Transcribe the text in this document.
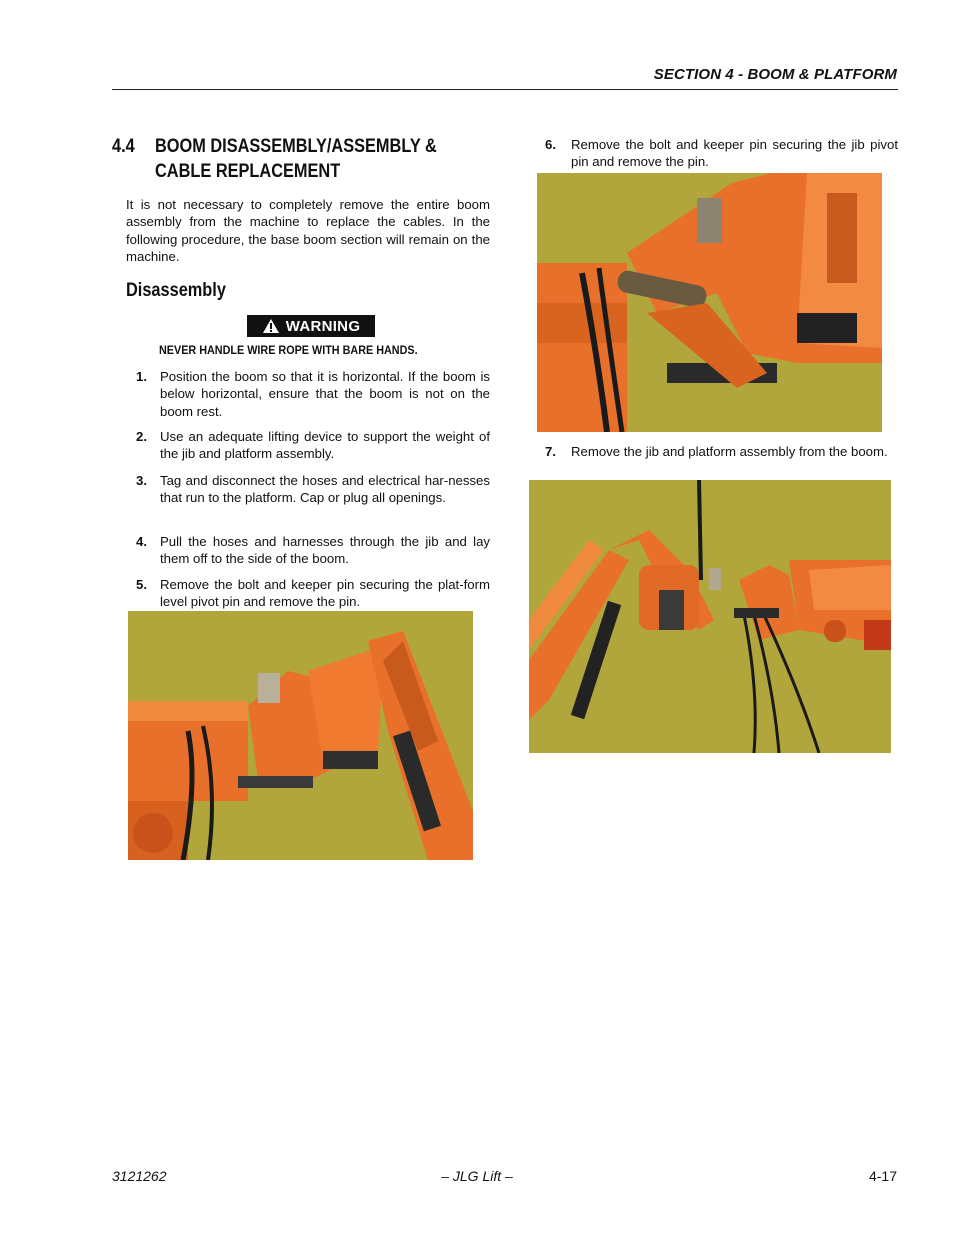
SECTION 4 - BOOM & PLATFORM
4.4 BOOM DISASSEMBLY/ASSEMBLY &
CABLE REPLACEMENT

It is not necessary to completely remove the entire boom assembly from the machine to replace the cables. In the following procedure, the base boom section will remain on the machine.

Disassembly
WARNING
NEVER HANDLE WIRE ROPE WITH BARE HANDS.
1. Position the boom so that it is horizontal. If the boom is below horizontal, ensure that the boom is not on the boom rest.

2. Use an adequate lifting device to support the weight of the jib and platform assembly.

3. Tag and disconnect the hoses and electrical har-nesses that run to the platform. Cap or plug all openings.

4. Pull the hoses and harnesses through the jib and lay them off to the side of the boom.

5. Remove the bolt and keeper pin securing the plat-form level pivot pin and remove the pin.

6.	Remove the bolt and keeper pin securing the jib pivot pin and remove the pin.

7.	Remove the jib and platform assembly from the boom.

3121262	– JLG Lift –	4-17
